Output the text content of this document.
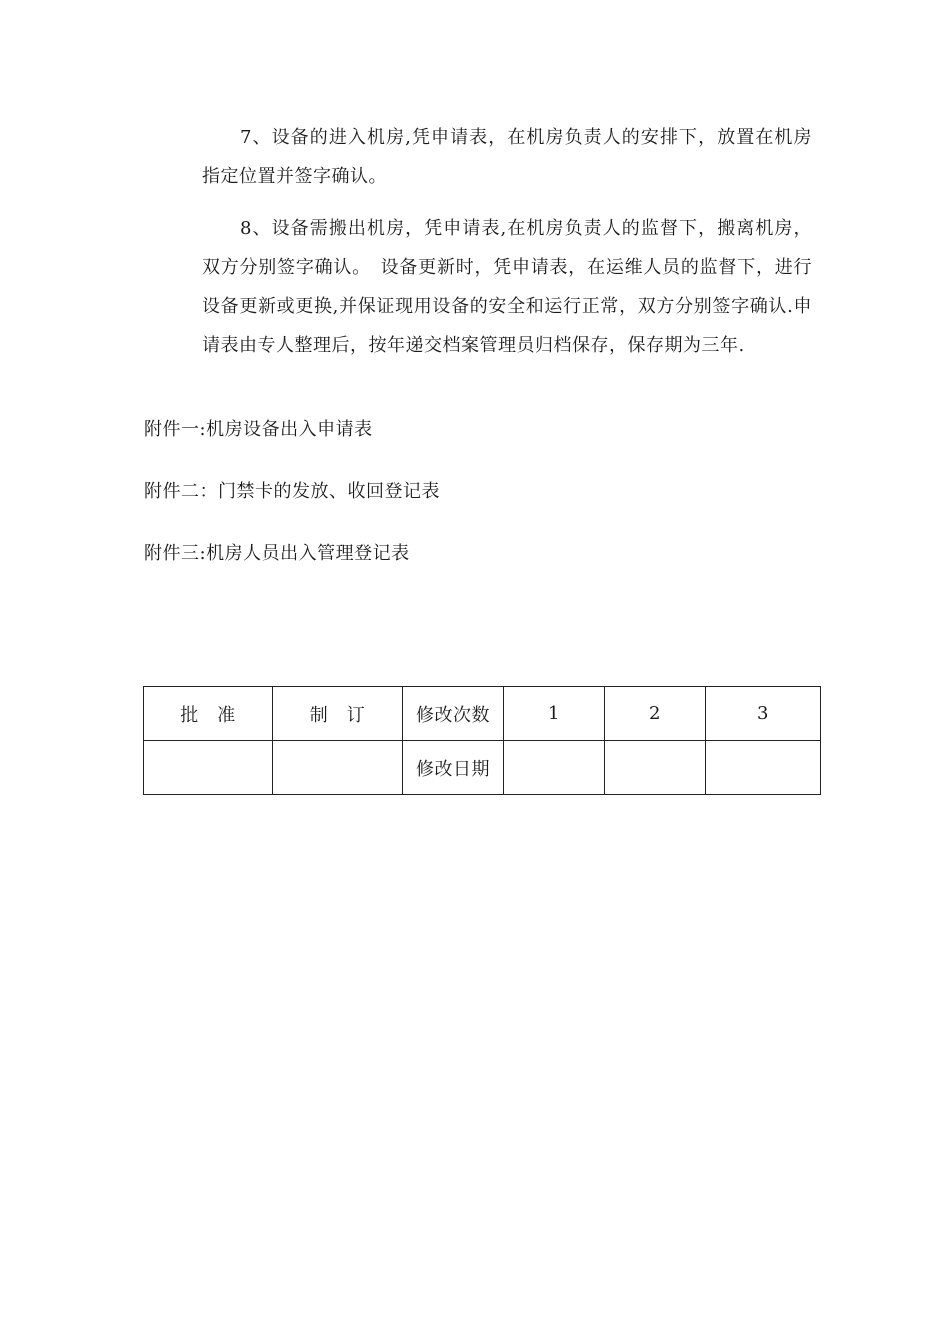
7、设备的进入机房,凭申请表，在机房负责人的安排下，放置在机房指定位置并签字确认。

8、设备需搬出机房，凭申请表,在机房负责人的监督下，搬离机房，双方分别签字确认。　设备更新时，凭申请表，在运维人员的监督下，进行设备更新或更换,并保证现用设备的安全和运行正常，双方分别签字确认.申请表由专人整理后，按年递交档案管理员归档保存，保存期为三年.

附件一:机房设备出入申请表

附件二：门禁卡的发放、收回登记表

附件三:机房人员出入管理登记表

批　准	制　订	修改次数	1	2	3
		修改日期			
